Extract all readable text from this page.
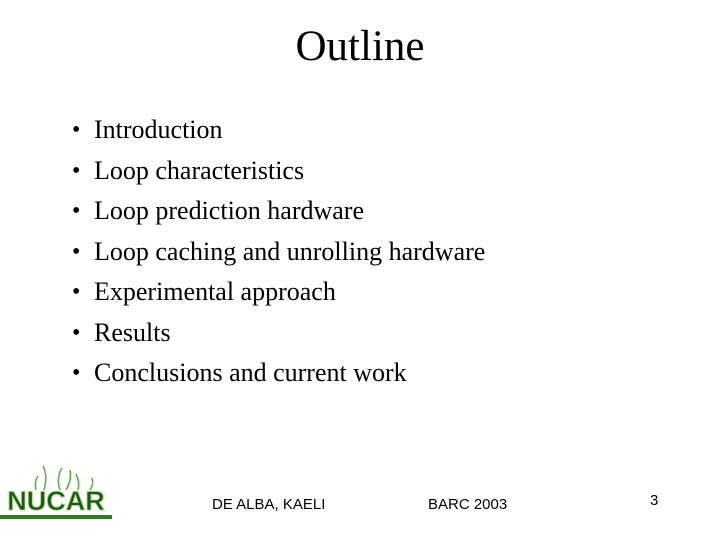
Outline
• Introduction
• Loop characteristics
• Loop prediction hardware
• Loop caching and unrolling hardware
• Experimental approach
• Results
• Conclusions and current work
NUCAR	DE ALBA, KAELI	BARC 2003	3
